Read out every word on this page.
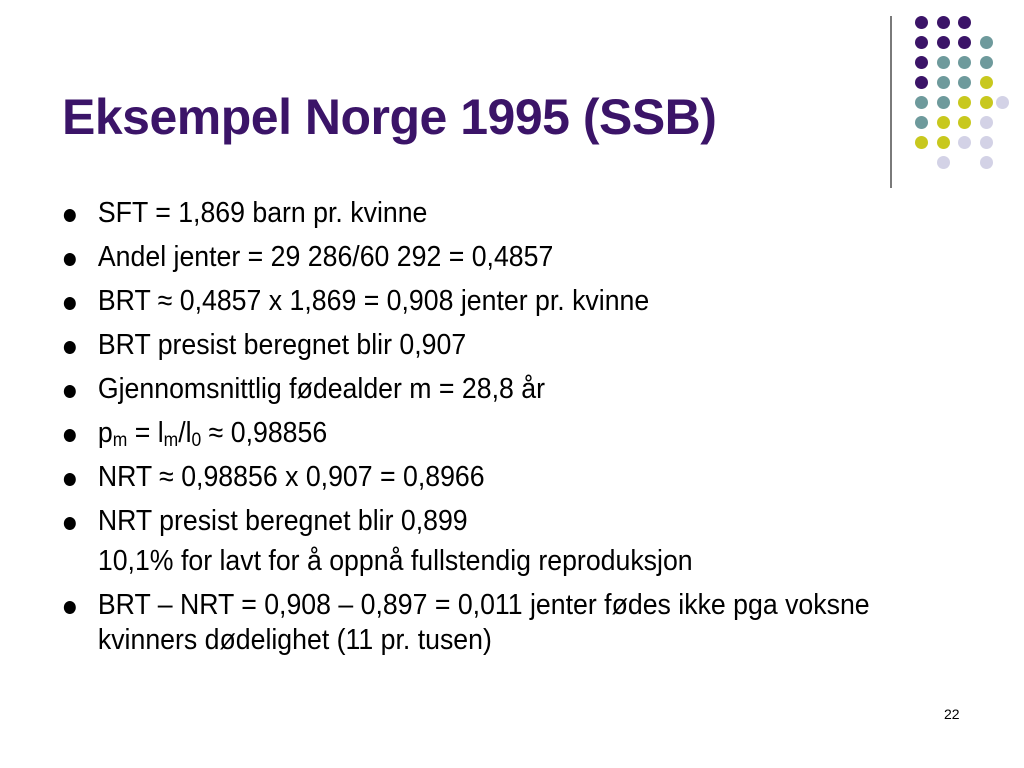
Eksempel Norge 1995 (SSB)
SFT = 1,869 barn pr. kvinne
Andel jenter = 29 286/60 292 = 0,4857
BRT ≈ 0,4857 x 1,869 = 0,908 jenter pr. kvinne
BRT presist beregnet blir 0,907
Gjennomsnittlig fødealder m = 28,8 år
$p_m = l_m/l_0 \approx 0,98856$
NRT ≈ 0,98856 x 0,907 = 0,8966
NRT presist beregnet blir 0,899
10,1% for lavt for å oppnå fullstendig reproduksjon
BRT – NRT = 0,908 – 0,897 = 0,011 jenter fødes ikke pga voksne kvinners dødelighet (11 pr. tusen)
22
